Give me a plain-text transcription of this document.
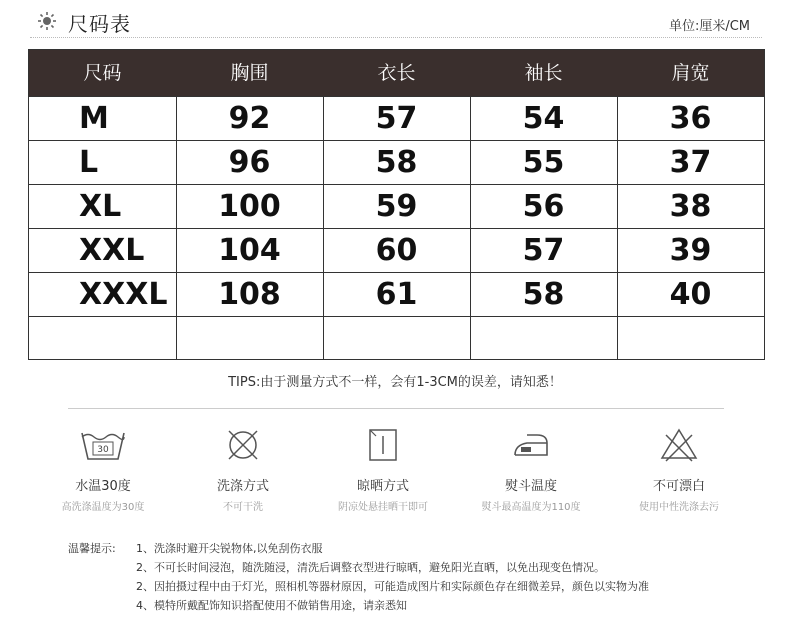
尺码表	单位:厘米/CM
尺码	胸围	衣长	袖长	肩宽
M	92	57	54	36
L	96	58	55	37
XL	100	59	56	38
XXL	104	60	57	39
XXXL	108	61	58	40
TIPS:由于测量方式不一样，会有1-3CM的误差，请知悉！
30
水温30度
高洗涤温度为30度
洗涤方式
不可干洗
晾晒方式
阴凉处悬挂晒干即可
熨斗温度
熨斗最高温度为110度
不可漂白
使用中性洗涤去污
温馨提示: 1、洗涤时避开尖锐物体,以免刮伤衣服
2、不可长时间浸泡，随洗随浸，清洗后调整衣型进行晾晒，避免阳光直晒，以免出现变色情况。
2、因拍摄过程中由于灯光，照相机等器材原因，可能造成图片和实际颜色存在细微差异，颜色以实物为准
4、模特所戴配饰知识搭配使用不做销售用途，请亲悉知
